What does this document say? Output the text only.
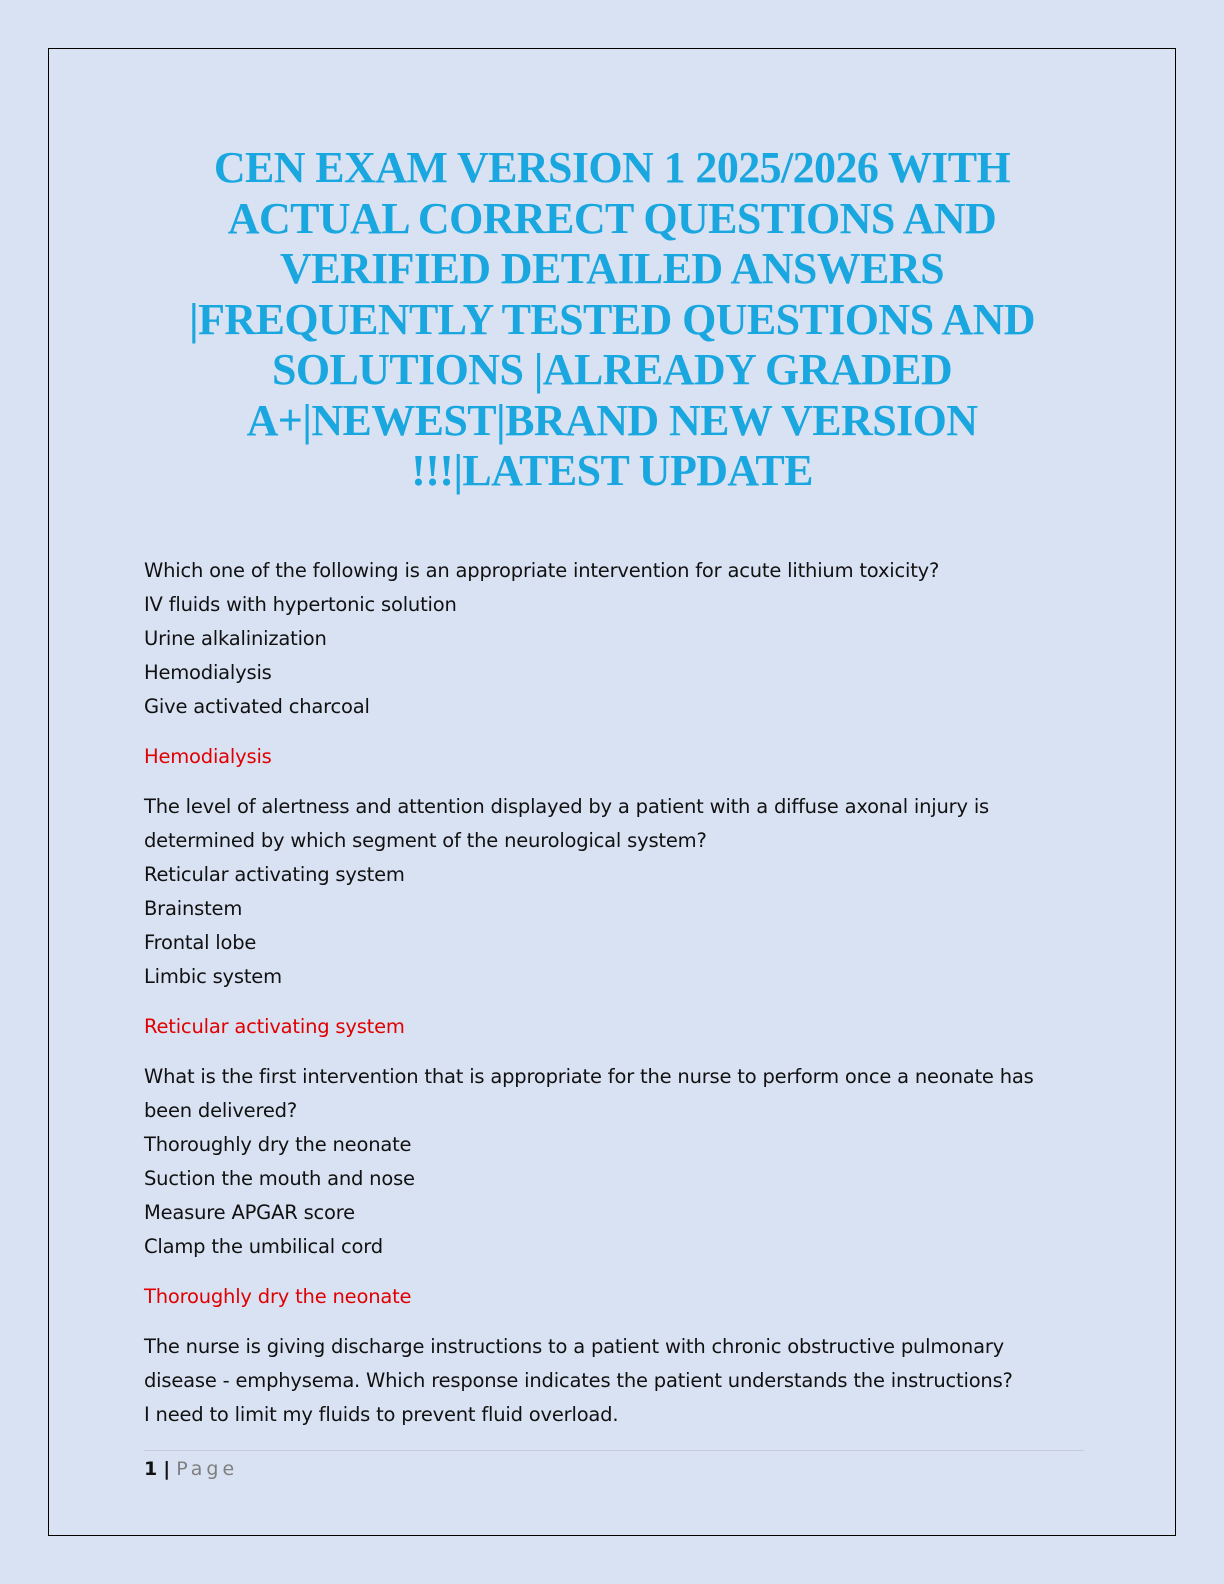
CEN EXAM VERSION 1 2025/2026 WITH
ACTUAL CORRECT QUESTIONS AND
VERIFIED DETAILED ANSWERS
|FREQUENTLY TESTED QUESTIONS AND
SOLUTIONS |ALREADY GRADED
A+|NEWEST|BRAND NEW VERSION
!!!|LATEST UPDATE
Which one of the following is an appropriate intervention for acute lithium toxicity?
IV fluids with hypertonic solution
Urine alkalinization
Hemodialysis
Give activated charcoal
Hemodialysis
The level of alertness and attention displayed by a patient with a diffuse axonal injury is
determined by which segment of the neurological system?
Reticular activating system
Brainstem
Frontal lobe
Limbic system
Reticular activating system
What is the first intervention that is appropriate for the nurse to perform once a neonate has
been delivered?
Thoroughly dry the neonate
Suction the mouth and nose
Measure APGAR score
Clamp the umbilical cord
Thoroughly dry the neonate
The nurse is giving discharge instructions to a patient with chronic obstructive pulmonary
disease - emphysema. Which response indicates the patient understands the instructions?
I need to limit my fluids to prevent fluid overload.
1 | Page
